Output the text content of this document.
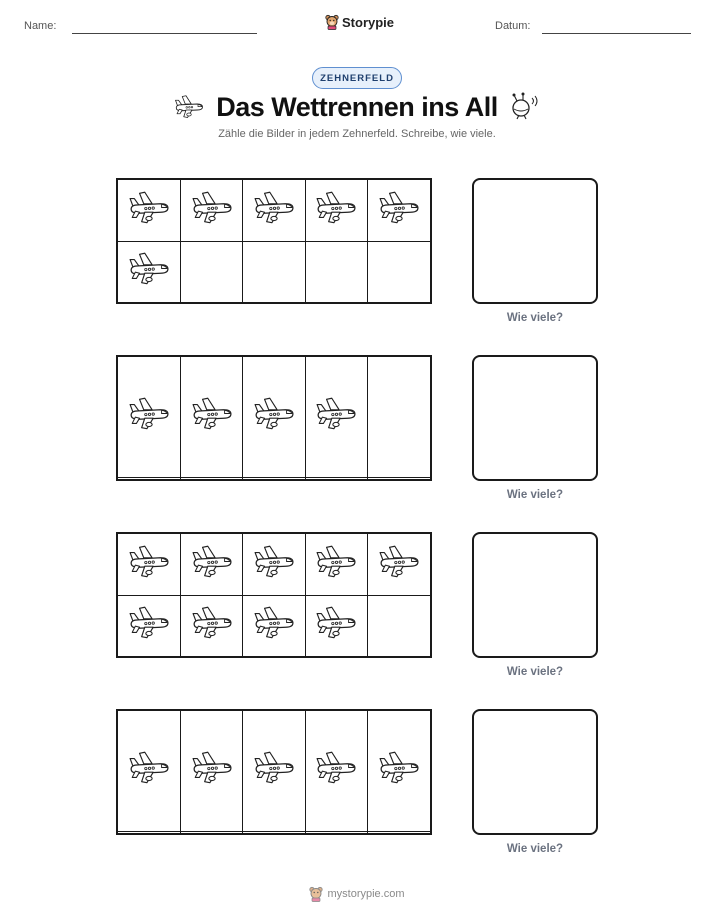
Name:	Storypie	Datum:
ZEHNERFELD
Das Wettrennen ins All
Zähle die Bilder in jedem Zehnerfeld. Schreibe, wie viele.

Wie viele?

Wie viele?

Wie viele?

Wie viele?
mystorypie.com
